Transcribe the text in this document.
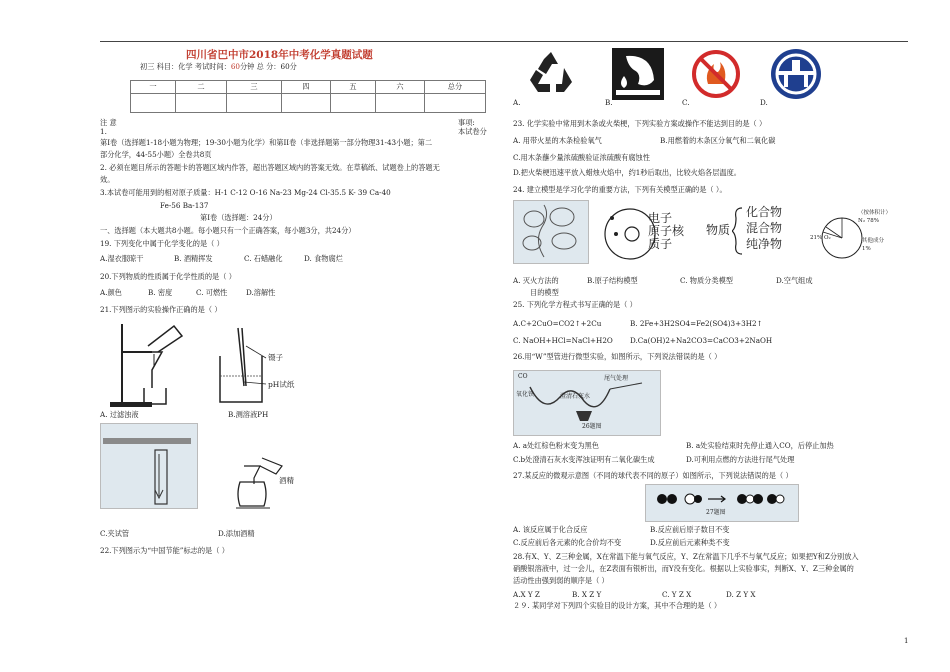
四川省巴中市2018年中考化学真题试题
初三 科目：化学 考试时间：60分钟 总 分：60分
一	二	三	四	五	六	总分

注 意	事项:
1.	本试卷分
第I卷（选择题1-18小题为物理；19-30小题为化学）和第II卷（非选择题第一部分物理31-43小题；第二
部分化学，44-55小题）全卷共8页
2. 必须在题目所示的答题卡的答题区域内作答，超出答题区域内的答案无效。在草稿纸、试题卷上的答题无
效。
3.本试卷可能用到的相对原子质量：H-1 C-12 O-16 Na-23 Mg-24 Cl-35.5 K- 39 Ca-40
Fe-56 Ba-137
第I卷（选择题：24分）
一、选择题（本大题共8小题。每小题只有一个正确答案，每小题3分，共24分）
19. 下列变化中属于化学变化的是（ ）
A.湿衣服晾干	B. 酒精挥发	C. 石蜡融化	D. 食物腐烂
20.下列物质的性质属于化学性质的是（ ）
A.颜色	B. 密度	C. 可燃性	D.溶解性
21.下列图示的实验操作正确的是（ ）
A. 过滤浊液
镊子
pH试纸
B.测溶液PH
C.夹试管
酒精
D.添加酒精
22.下列图示为“中国节能”标志的是（ ）
A.	B.	C.	D.
23. 化学实验中常用到木条或火柴梗，下列实验方案或操作不能达到目的是（ ）
A. 用带火星的木条检验氧气	B.用燃着的木条区分氧气和二氧化碳
C.用木条蘸少量浓硫酸验证浓硫酸有腐蚀性
D.把火柴梗迅速平放入蜡烛火焰中，约1秒后取出，比较火焰各层温度。
24. 建立模型是学习化学的重要方法，下列有关模型正确的是（ ）。
电子
原子核
质子
物质
化合物
混合物
纯净物
（按体积计）
N₂ 78%
21% O₂	其他成分
1%
A. 灭火方法的	B.原子结构模型	C. 物质分类模型	D.空气组成
目的模型
25. 下列化学方程式书写正确的是（ ）
A.C+2CuO=CO2↑+2Cu	B. 2Fe+3H2SO4=Fe2(SO4)3+3H2↑
C. NaOH+HCl=NaCl+H2O D.Ca(OH)2+Na2CO3=CaCO3+2NaOH
26.用“W”型管进行微型实验，如图所示，下列说法错误的是（ ）
CO	尾气处理
氧化铁	澄清石灰水
26题图
A. a处红棕色粉末变为黑色	B. a处实验结束时先停止通入CO，后停止加热
C.b处澄清石灰水变浑浊证明有二氧化碳生成	D.可利用点燃的方法进行尾气处理
27.某反应的微观示意图（不同的球代表不同的原子）如图所示，下列说法错误的是（ ）
27题图
A. 该反应属于化合反应	B.反应前后原子数目不变
C.反应前后各元素的化合价均不变	D.反应前后元素种类不变
28.有X、Y、Z三种金属，X在常温下能与氧气反应，Y、Z在常温下几乎不与氧气反应；如果把Y和Z分别放入
硝酸银溶液中，过一会儿，在Z表面有银析出，而Y没有变化。根据以上实验事实，判断X、Y、Z三种金属的
活动性由强到弱的顺序是（ ）
A.X Y Z	B. X Z Y	C. Y Z X	D. Z Y X
２９. 某同学对下列四个实验目的设计方案，其中不合理的是（ ）
1
